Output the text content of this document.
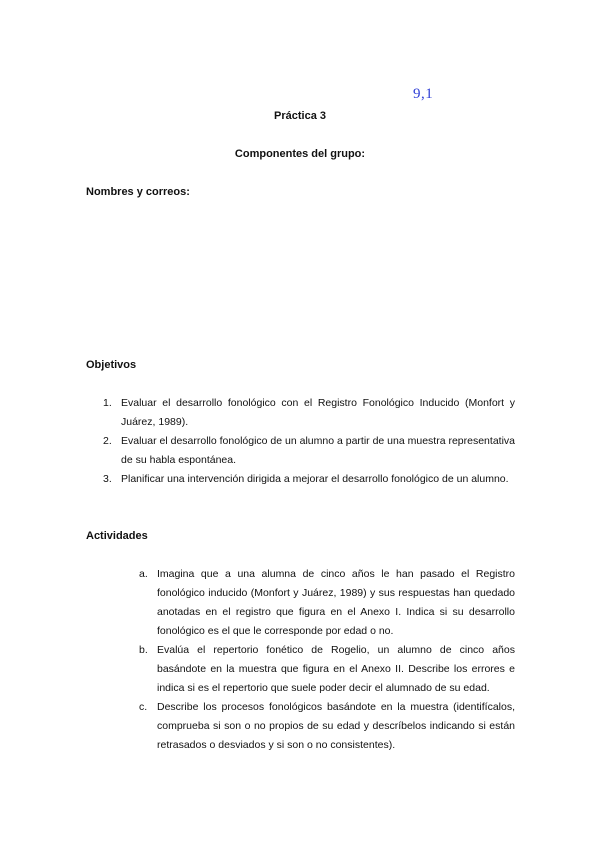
9,1
Práctica 3
Componentes del grupo:
Nombres y correos:
Objetivos
1. Evaluar el desarrollo fonológico con el Registro Fonológico Inducido (Monfort y Juárez, 1989).
2. Evaluar el desarrollo fonológico de un alumno a partir de una muestra representativa de su habla espontánea.
3. Planificar una intervención dirigida a mejorar el desarrollo fonológico de un alumno.
Actividades
a. Imagina que a una alumna de cinco años le han pasado el Registro fonológico inducido (Monfort y Juárez, 1989) y sus respuestas han quedado anotadas en el registro que figura en el Anexo I. Indica si su desarrollo fonológico es el que le corresponde por edad o no.
b. Evalúa el repertorio fonético de Rogelio, un alumno de cinco años basándote en la muestra que figura en el Anexo II. Describe los errores e indica si es el repertorio que suele poder decir el alumnado de su edad.
c. Describe los procesos fonológicos basándote en la muestra (identifícalos, comprueba si son o no propios de su edad y descríbelos indicando si están retrasados o desviados y si son o no consistentes).
